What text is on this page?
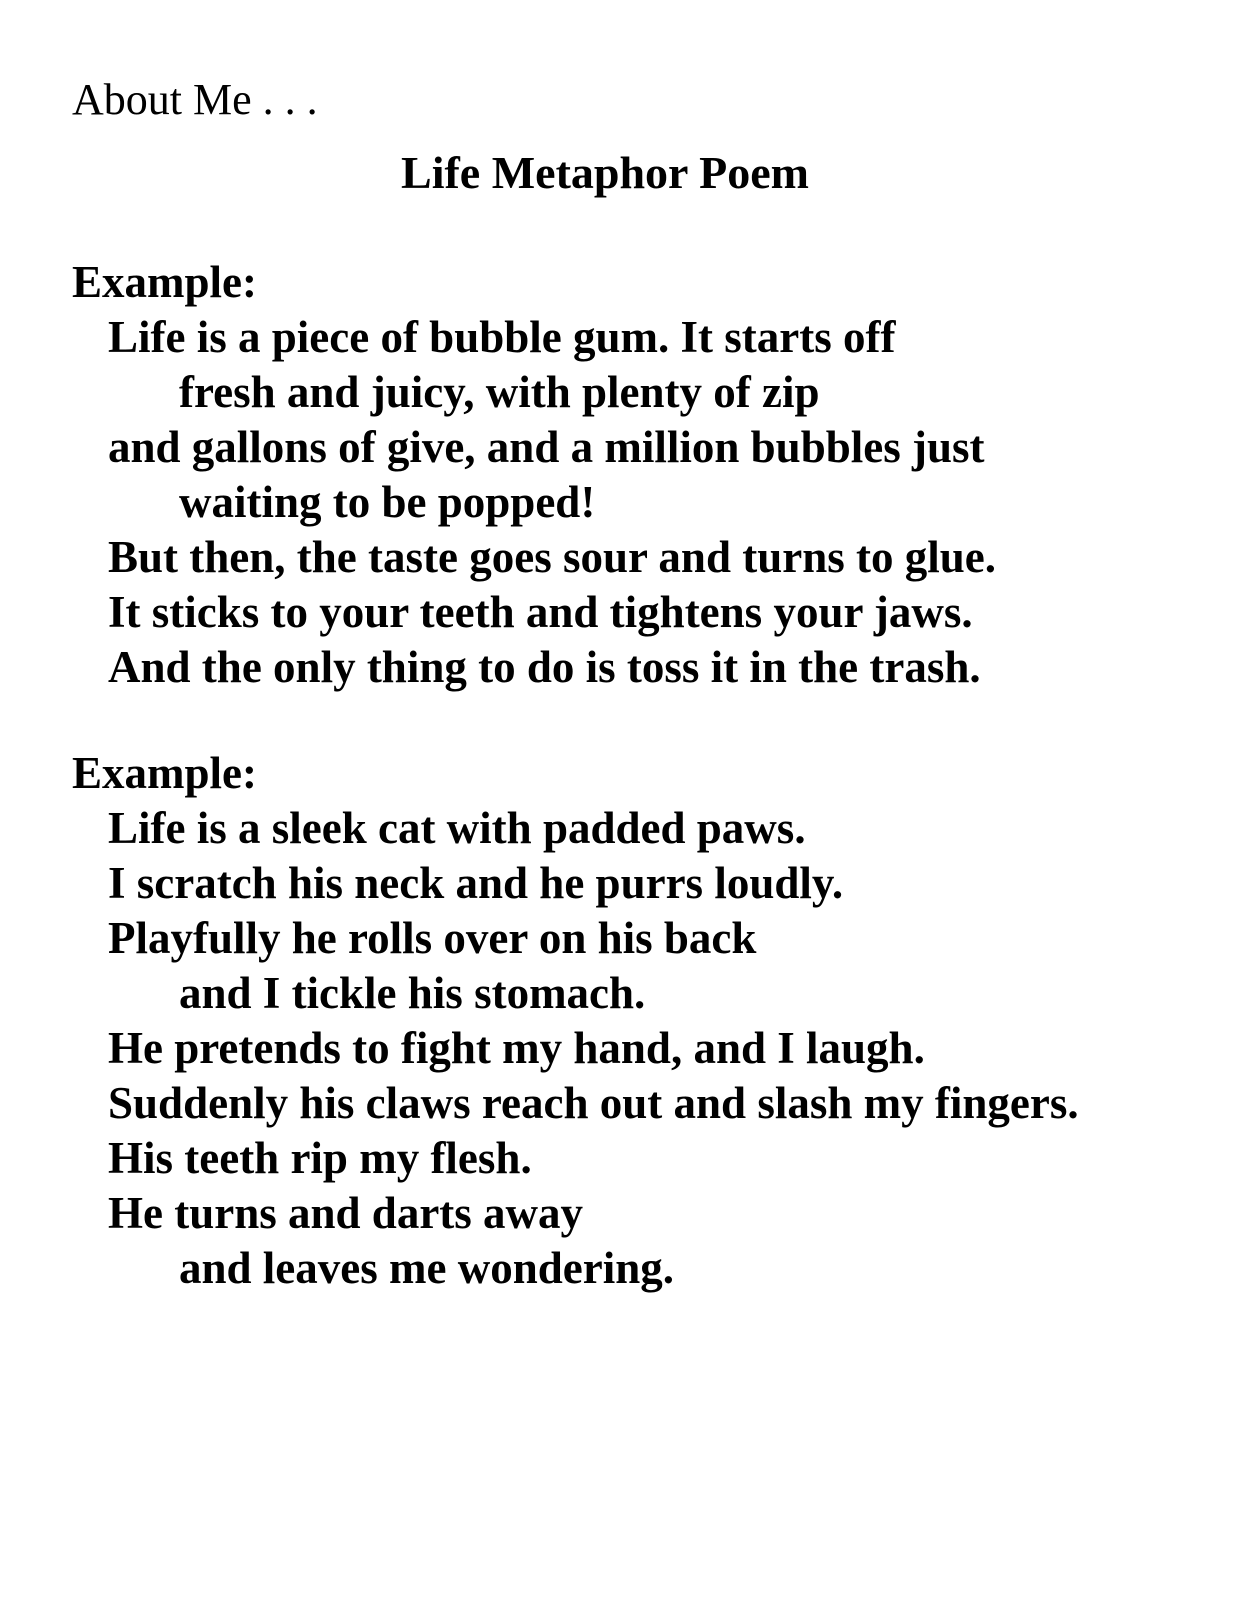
About Me . . .
Life Metaphor Poem

Example:

Life is a piece of bubble gum. It starts off

fresh and juicy, with plenty of zip

and gallons of give, and a million bubbles just

waiting to be popped!

But then, the taste goes sour and turns to glue.

It sticks to your teeth and tightens your jaws.

And the only thing to do is toss it in the trash.

Example:

Life is a sleek cat with padded paws.

I scratch his neck and he purrs loudly.

Playfully he rolls over on his back

and I tickle his stomach.

He pretends to fight my hand, and I laugh.

Suddenly his claws reach out and slash my fingers.

His teeth rip my flesh.

He turns and darts away

and leaves me wondering.
